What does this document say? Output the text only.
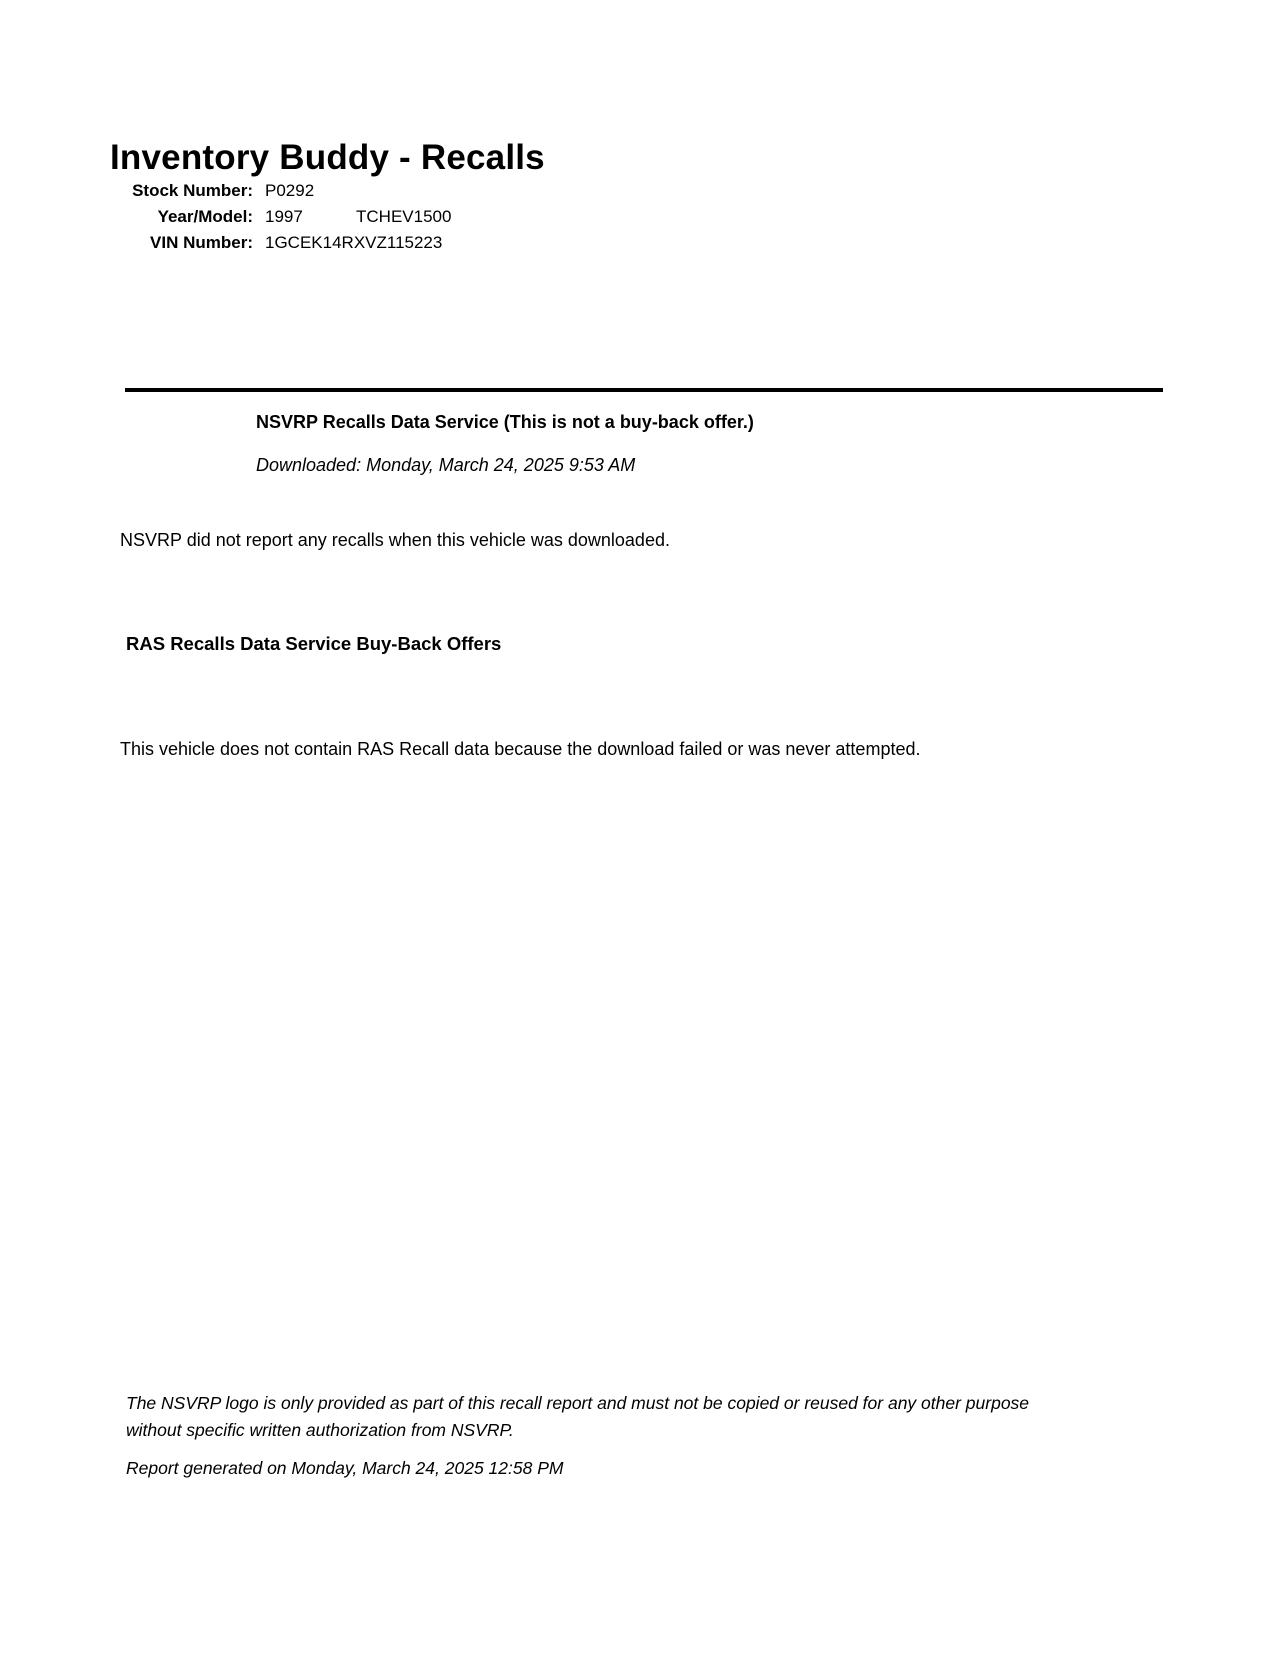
Inventory Buddy - Recalls
Stock Number: P0292
Year/Model: 1997	TCHEV1500
VIN Number: 1GCEK14RXVZ115223
NSVRP Recalls Data Service (This is not a buy-back offer.)
Downloaded: Monday, March 24, 2025 9:53 AM
NSVRP did not report any recalls when this vehicle was downloaded.
RAS Recalls Data Service Buy-Back Offers
This vehicle does not contain RAS Recall data because the download failed or was never attempted.
The NSVRP logo is only provided as part of this recall report and must not be copied or reused for any other purpose without specific written authorization from NSVRP.
Report generated on Monday, March 24, 2025 12:58 PM
